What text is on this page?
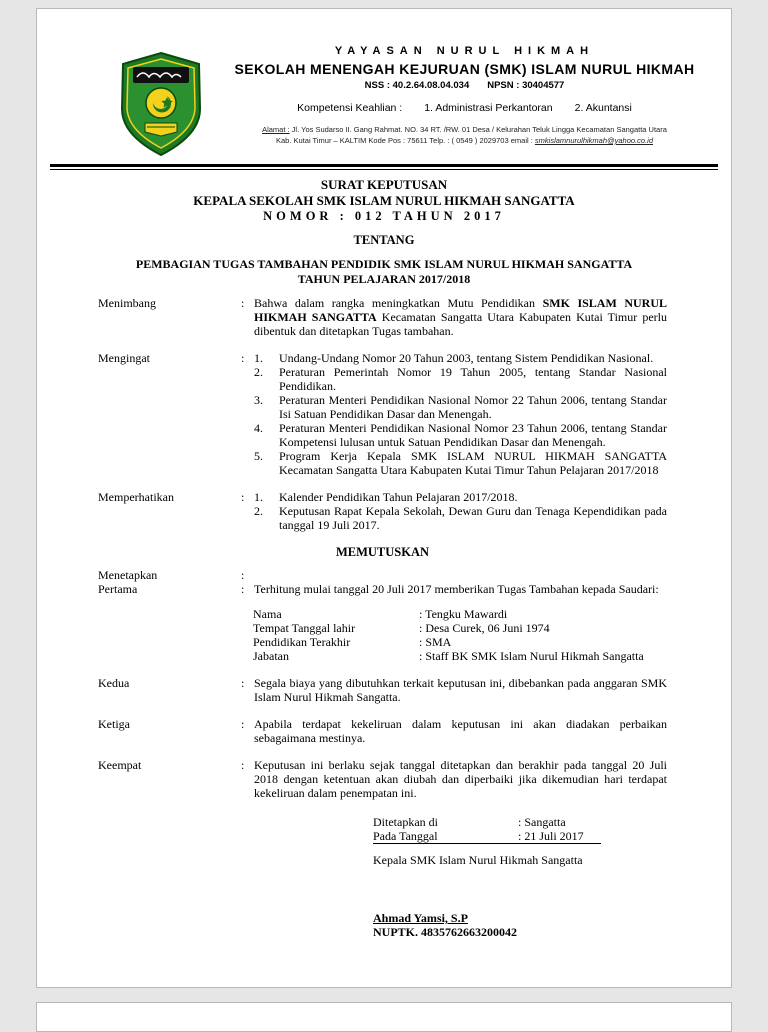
YAYASAN NURUL HIKMAH
SEKOLAH MENENGAH KEJURUAN (SMK) ISLAM NURUL HIKMAH
NSS : 40.2.64.08.04.034 NPSN : 30404577
Kompetensi Keahlian : 1. Administrasi Perkantoran 2. Akuntansi
Alamat : Jl. Yos Sudarso II. Gang Rahmat. NO. 34 RT. /RW. 01 Desa / Kelurahan Teluk Lingga Kecamatan Sangatta Utara
Kab. Kutai Timur – KALTIM Kode Pos : 75611 Telp. : ( 0549 ) 2029703 email : smkislamnurulhikmah@yahoo.co.id
SURAT KEPUTUSAN
KEPALA SEKOLAH SMK ISLAM NURUL HIKMAH SANGATTA
NOMOR : 012 TAHUN 2017
TENTANG
PEMBAGIAN TUGAS TAMBAHAN PENDIDIK SMK ISLAM NURUL HIKMAH SANGATTA
TAHUN PELAJARAN 2017/2018
Menimbang	: Bahwa dalam rangka meningkatkan Mutu Pendidikan SMK ISLAM NURUL HIKMAH SANGATTA Kecamatan Sangatta Utara Kabupaten Kutai Timur perlu dibentuk dan ditetapkan Tugas tambahan.
Mengingat	: 1.	Undang-Undang Nomor 20 Tahun 2003, tentang Sistem Pendidikan Nasional.
2.	Peraturan Pemerintah Nomor 19 Tahun 2005, tentang Standar Nasional Pendidikan.
3.	Peraturan Menteri Pendidikan Nasional Nomor 22 Tahun 2006, tentang Standar Isi Satuan Pendidikan Dasar dan Menengah.
4.	Peraturan Menteri Pendidikan Nasional Nomor 23 Tahun 2006, tentang Standar Kompetensi lulusan untuk Satuan Pendidikan Dasar dan Menengah.
5.	Program Kerja Kepala SMK ISLAM NURUL HIKMAH SANGATTA Kecamatan Sangatta Utara Kabupaten Kutai Timur Tahun Pelajaran 2017/2018
Memperhatikan	: 1.	Kalender Pendidikan Tahun Pelajaran 2017/2018.
2.	Keputusan Rapat Kepala Sekolah, Dewan Guru dan Tenaga Kependidikan pada tanggal 19 Juli 2017.
MEMUTUSKAN
Menetapkan	:
Pertama	: Terhitung mulai tanggal 20 Juli 2017 memberikan Tugas Tambahan kepada Saudari:
Nama	: Tengku Mawardi
Tempat Tanggal lahir	: Desa Curek, 06 Juni 1974
Pendidikan Terakhir	: SMA
Jabatan	: Staff BK SMK Islam Nurul Hikmah Sangatta
Kedua	: Segala biaya yang dibutuhkan terkait keputusan ini, dibebankan pada anggaran SMK Islam Nurul Hikmah Sangatta.
Ketiga	: Apabila terdapat kekeliruan dalam keputusan ini akan diadakan perbaikan sebagaimana mestinya.
Keempat	: Keputusan ini berlaku sejak tanggal ditetapkan dan berakhir pada tanggal 20 Juli 2018 dengan ketentuan akan diubah dan diperbaiki jika dikemudian hari terdapat kekeliruan dalam penempatan ini.
Ditetapkan di	: Sangatta
Pada Tanggal	: 21 Juli 2017
Kepala SMK Islam Nurul Hikmah Sangatta
Ahmad Yamsi, S.P
NUPTK. 4835762663200042
